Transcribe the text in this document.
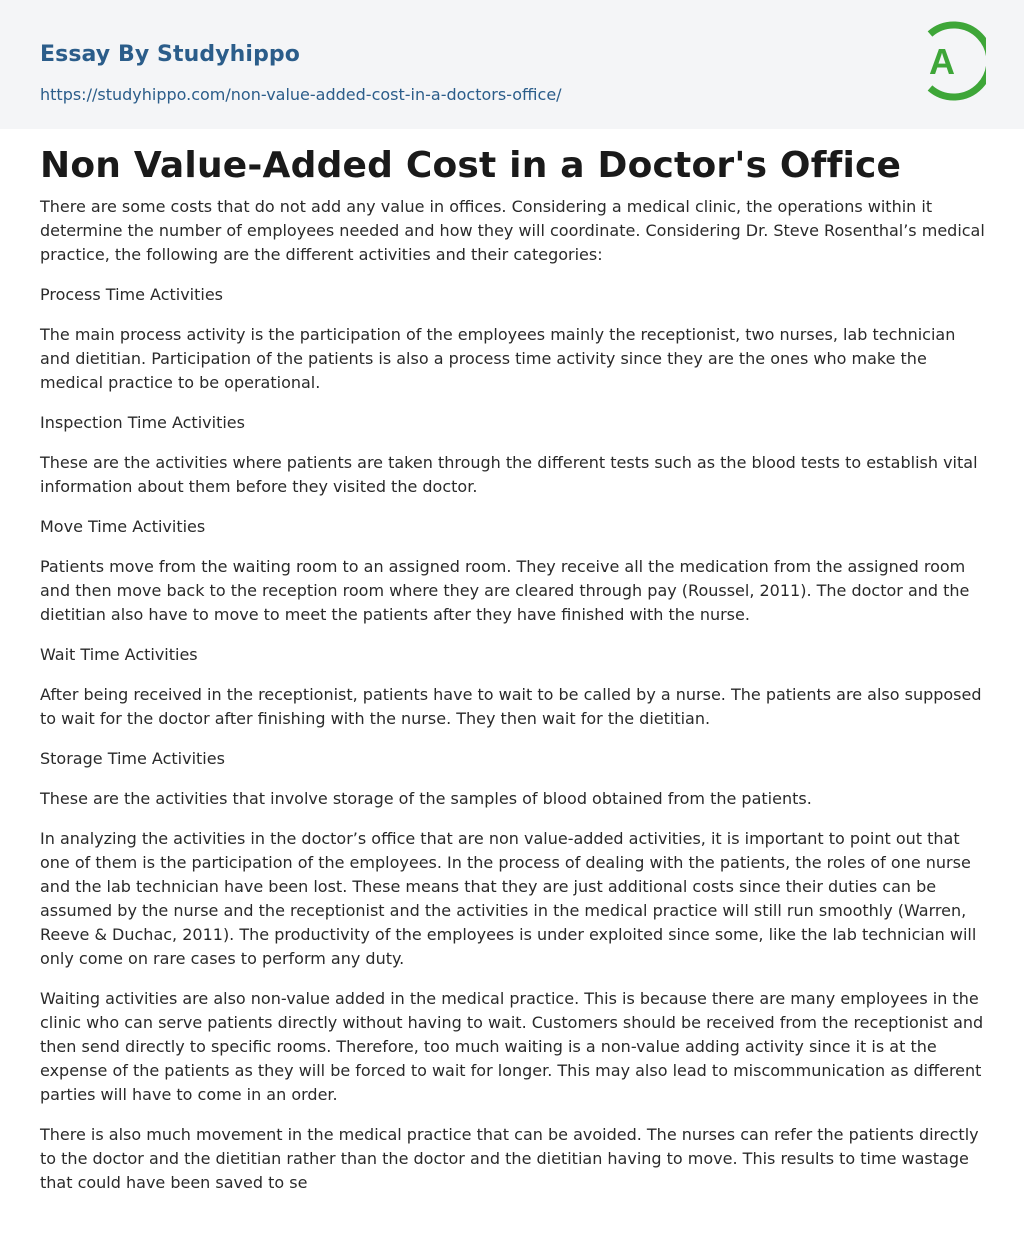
Essay By Studyhippo
https://studyhippo.com/non-value-added-cost-in-a-doctors-office/
A
Non Value-Added Cost in a Doctor's Office

There are some costs that do not add any value in offices. Considering a medical clinic, the operations within it determine the number of employees needed and how they will coordinate. Considering Dr. Steve Rosenthal’s medical practice, the following are the different activities and their categories:

Process Time Activities

The main process activity is the participation of the employees mainly the receptionist, two nurses, lab technician and dietitian. Participation of the patients is also a process time activity since they are the ones who make the medical practice to be operational.

Inspection Time Activities

These are the activities where patients are taken through the different tests such as the blood tests to establish vital information about them before they visited the doctor.

Move Time Activities

Patients move from the waiting room to an assigned room. They receive all the medication from the assigned room and then move back to the reception room where they are cleared through pay (Roussel, 2011). The doctor and the dietitian also have to move to meet the patients after they have finished with the nurse.

Wait Time Activities

After being received in the receptionist, patients have to wait to be called by a nurse. The patients are also supposed to wait for the doctor after finishing with the nurse. They then wait for the dietitian.

Storage Time Activities

These are the activities that involve storage of the samples of blood obtained from the patients.

In analyzing the activities in the doctor’s office that are non value-added activities, it is important to point out that one of them is the participation of the employees. In the process of dealing with the patients, the roles of one nurse and the lab technician have been lost. These means that they are just additional costs since their duties can be assumed by the nurse and the receptionist and the activities in the medical practice will still run smoothly (Warren, Reeve & Duchac, 2011). The productivity of the employees is under exploited since some, like the lab technician will only come on rare cases to perform any duty.

Waiting activities are also non-value added in the medical practice. This is because there are many employees in the clinic who can serve patients directly without having to wait. Customers should be received from the receptionist and then send directly to specific rooms. Therefore, too much waiting is a non-value adding activity since it is at the expense of the patients as they will be forced to wait for longer. This may also lead to miscommunication as different parties will have to come in an order.

There is also much movement in the medical practice that can be avoided. The nurses can refer the patients directly to the doctor and the dietitian rather than the doctor and the dietitian having to move. This results to time wastage that could have been saved to se
